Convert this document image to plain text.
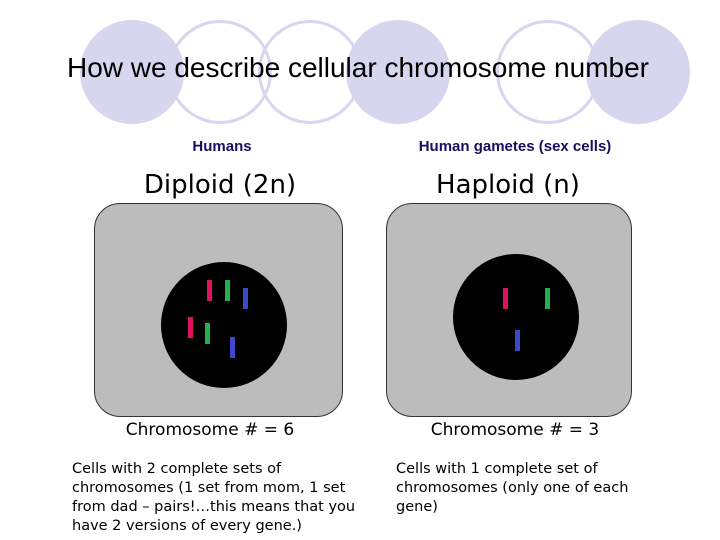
How we describe cellular chromosome number
Humans
Diploid (2n)
Chromosome # = 6
Cells with 2 complete sets of chromosomes (1 set from mom, 1 set from dad – pairs!…this means that you have 2 versions of every gene.)
Human gametes (sex cells)
Haploid (n)
Chromosome # = 3
Cells with 1 complete set of chromosomes (only one of each gene)
